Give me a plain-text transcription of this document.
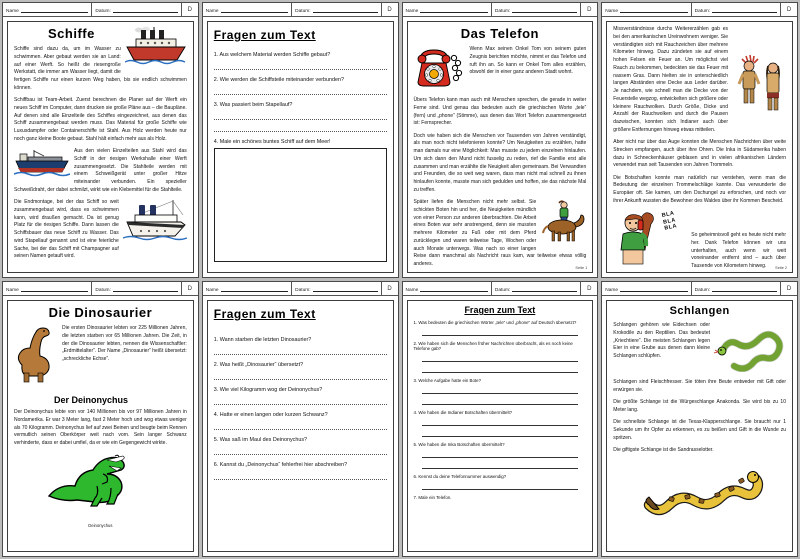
Name	Datum:	D
Schiffe

Schiffe sind dazu da, um im Wasser zu schwimmen. Aber gebaut werden sie an Land: auf einer Werft. So heißt die riesengroße Werkstatt, die immer am Wasser liegt, damit die fertigen Schiffe nur einen kurzen Weg haben, bis sie endlich schwimmen können.

Schiffbau ist Team-Arbeit. Zuerst berechnen die Planer auf der Werft ein neues Schiff im Computer, dann drucken sie große Pläne aus – die Baupläne. Auf denen sind alle Einzelteile des Schiffes eingezeichnet, aus denen das Schiff zusammengebaut werden muss. Das Material für große Schiffe wie Luxusdampfer oder Containerschiffe ist Stahl. Aus Holz werden heute nur noch ganz kleine Boote gebaut. Stahl hält einfach mehr aus als Holz.

Aus den vielen Einzelteilen aus Stahl wird das Schiff in der riesigen Werkshalle einer Werft zusammengesetzt. Die Stahlteile werden mit einem Schweißgerät unter großer Hitze miteinander verbunden. Ein spezieller Schweißdraht, der dabei schmilzt, wirkt wie ein Klebemittel für die Stahlteile.

Die Endmontage, bei der das Schiff so weit zusammengebaut wird, dass es schwimmen kann, wird draußen gemacht. Da ist genug Platz für die riesigen Schiffe. Dann lassen die Schiffsbauer das neue Schiff zu Wasser. Das wird Stapellauf genannt und ist eine feierliche Sache, bei der das Schiff mit Champagner auf seinen Namen getauft wird.

Name	Datum:	D
Fragen zum Text
1. Aus welchem Material werden Schiffe gebaut?
2. Wie werden die Schiffsteile miteinander verbunden?
3. Was passiert beim Stapellauf?
4. Male ein schönes buntes Schiff auf dem Meer!
Name	Datum:	D
Das Telefon

Wenn Max seinen Onkel Tom von seinem guten Zeugnis berichten möchte, nimmt er das Telefon und ruft ihn an. So kann er Onkel Tom alles erzählen, obwohl der in einer ganz anderen Stadt wohnt.

Übers Telefon kann man auch mit Menschen sprechen, die gerade in weiter Ferne sind. Und genau das bedeuten auch die griechischen Worte „tele“ (fern) und „phone“ (Stimme), aus denen das Wort Telefon zusammengesetzt ist: Fernsprecher.

Doch wie haben sich die Menschen vor Tausenden von Jahren verständigt, als man noch nicht telefonieren konnte? Um Neuigkeiten zu erzählen, hatte man damals nur eine Möglichkeit: Man musste zu jedem einzelnen hinlaufen. Um sich dann den Mund nicht fusselig zu reden, rief die Familie erst alle zusammen und man erzählte die Neuigkeit allen gemeinsam. Bei Verwandten und Freunden, die so weit weg waren, dass man nicht mal schnell zu ihnen hinlaufen konnte, musste man sich gedulden und hoffen, sie das nächste Mal zu treffen.

Später liefen die Menschen nicht mehr selbst. Sie schickten Boten hin und her, die Neuigkeiten mündlich von einer Person zur anderen überbrachten. Die Arbeit eines Boten war sehr anstrengend, denn sie mussten mehrere Kilometer zu Fuß oder mit dem Pferd zurücklegen und waren teilweise Tage, Wochen oder auch Monate unterwegs. Was nach so einer langen Reise dann manchmal als Nachricht raus kam, war teilweise etwas völlig anderes.

Seite 1
Name	Datum:	D

Missverständnisse durchs Weitererzählen gab es bei den amerikanischen Ureinwohnern weniger. Sie verständigten sich mit Rauchzeichen über mehrere Kilometer hinweg. Dazu zündeten sie auf einem hohen Felsen ein Feuer an. Um möglichst viel Rauch zu bekommen, bedeckten sie das Feuer mit nassem Gras. Dann hielten sie in unterschiedlich langen Abständen eine Decke aus Leder darüber. Je nachdem, wie schnell man die Decke von der Feuerstelle wegzog, entwickelten sich größere oder kleinere Rauchwolken. Durch Größe, Dicke und Anzahl der Rauchwolken und durch die Pausen dazwischen, konnten sich Indianer auch über größere Entfernungen hinweg etwas mitteilen.

Aber nicht nur über das Auge konnten die Menschen Nachrichten über weite Strecken empfangen, auch über ihre Ohren. Die Inka in Südamerika haben dazu in Schneckenhäuser geblasen und in vielen afrikanischen Ländern verwendet man seit Tausenden von Jahren Trommeln.

Die Botschaften konnte man natürlich nur verstehen, wenn man die Bedeutung der einzelnen Trommelschläge kannte. Das verwunderte die Europäer oft. Sie kamen, um den Dschungel zu erforschen, und noch vor ihrer Ankunft wussten die Bewohner des Waldes über ihr Kommen Bescheid.

BLA BLA BLA

So geheimnisvoll geht es heute nicht mehr her. Dank Telefon können wir uns unterhalten, auch wenn wir weit voneinander entfernt sind – auch über Tausende von Kilometern hinweg.	Seite 2
Name	Datum:	D
Die Dinosaurier

Die ersten Dinosaurier lebten vor 225 Millionen Jahren, die letzten starben vor 65 Millionen Jahren. Die Zeit, in der die Dinosaurier lebten, nennen die Wissenschaftler: „Erdmittelalter“. Der Name „Dinosaurier“ heißt übersetzt: „schreckliche Echse“.

Der Deinonychus

Der Deinonychus lebte von vor 140 Millionen bis vor 97 Millionen Jahren in Nordamerika. Er war 3 Meter lang, fast 2 Meter hoch und wog etwas weniger als 70 Kilogramm. Deinonychus lief auf zwei Beinen und beugte beim Rennen vermutlich seinen Oberkörper weit nach vorn. Sein langer Schwanz verhinderte, dass er dabei umfiel, da er wie ein Gegengewicht wirkte.

Deinonychus
Name	Datum:	D
Fragen zum Text
1. Wann starben die letzten Dinosaurier?
2. Was heißt „Dinosaurier“ übersetzt?
3. Wie viel Kilogramm wog der Deinonychus?
4. Hatte er einen langen oder kurzen Schwanz?
5. Was saß im Maul des Deinonychus?
6. Kannst du „Deinonychus“ fehlerfrei hier abschreiben?
Name	Datum:	D
Fragen zum Text
1. Was bedeuten die griechischen Wörter „tele“ und „phone“ auf Deutsch übersetzt?
2. Wie haben sich die Menschen früher Nachrichten überbracht, als es noch keine Telefone gab?
3. Welche Aufgabe hatte ein Bote?
4. Wie haben die Indianer Botschaften übermittelt?
5. Wie haben die Inka Botschaften übermittelt?
6. Kennst du deine Telefonnummer auswendig?
7. Male ein Telefon.
Name	Datum:	D
Schlangen

Schlangen gehören wie Eidechsen oder Krokodile zu den Reptilien. Das bedeutet „Kriechtiere“. Die meisten Schlangen legen Eier in eine Grube aus denen dann kleine Schlangen schlüpfen.

Schlangen sind Fleischfresser. Sie töten ihre Beute entweder mit Gift oder erwürgen sie.

Die größte Schlange ist die Würgeschlange Anakonda. Sie wird bis zu 10 Meter lang.

Die schnellste Schlange ist die Texas-Klapperschlange. Sie braucht nur 1 Sekunde um ihr Opfer zu erkennen, es zu beißen und Gift in die Wunde zu spritzen.

Die giftigste Schlange ist die Sandrasselotter.
